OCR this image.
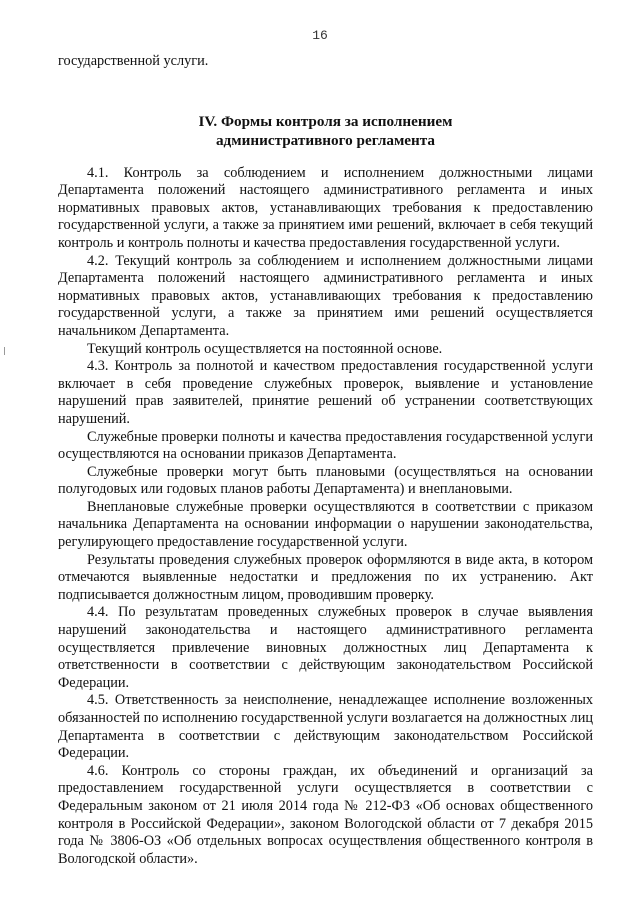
16

государственной услуги.

IV. Формы контроля за исполнением
административного регламента

4.1. Контроль за соблюдением и исполнением должностными лицами Департамента положений настоящего административного регламента и иных нормативных правовых актов, устанавливающих требования к предоставлению государственной услуги, а также за принятием ими решений, включает в себя текущий контроль и контроль полноты и качества предоставления государственной услуги.

4.2. Текущий контроль за соблюдением и исполнением должностными лицами Департамента положений настоящего административного регламента и иных нормативных правовых актов, устанавливающих требования к предоставлению государственной услуги, а также за принятием ими решений осуществляется начальником Департамента.

Текущий контроль осуществляется на постоянной основе.

4.3. Контроль за полнотой и качеством предоставления государственной услуги включает в себя проведение служебных проверок, выявление и установление нарушений прав заявителей, принятие решений об устранении соответствующих нарушений.

Служебные проверки полноты и качества предоставления государственной услуги осуществляются на основании приказов Департамента.

Служебные проверки могут быть плановыми (осуществляться на основании полугодовых или годовых планов работы Департамента) и внеплановыми.

Внеплановые служебные проверки осуществляются в соответствии с приказом начальника Департамента на основании информации о нарушении законодательства, регулирующего предоставление государственной услуги.

Результаты проведения служебных проверок оформляются в виде акта, в котором отмечаются выявленные недостатки и предложения по их устранению. Акт подписывается должностным лицом, проводившим проверку.

4.4. По результатам проведенных служебных проверок в случае выявления нарушений законодательства и настоящего административного регламента осуществляется привлечение виновных должностных лиц Департамента к ответственности в соответствии с действующим законодательством Российской Федерации.

4.5. Ответственность за неисполнение, ненадлежащее исполнение возложенных обязанностей по исполнению государственной услуги возлагается на должностных лиц Департамента в соответствии с действующим законодательством Российской Федерации.

4.6. Контроль со стороны граждан, их объединений и организаций за предоставлением государственной услуги осуществляется в соответствии с Федеральным законом от 21 июля 2014 года № 212-ФЗ «Об основах общественного контроля в Российской Федерации», законом Вологодской области от 7 декабря 2015 года № 3806-ОЗ «Об отдельных вопросах осуществления общественного контроля в Вологодской области».
